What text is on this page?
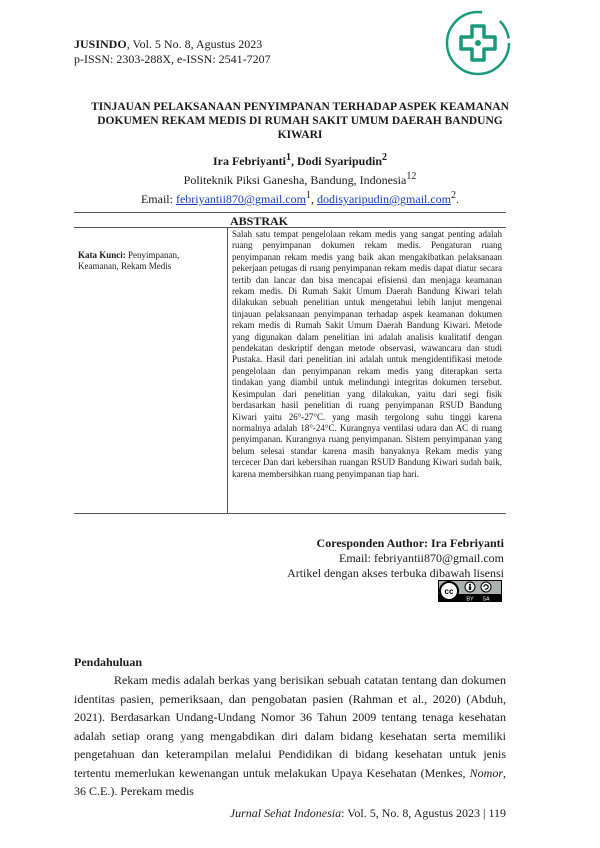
JUSINDO, Vol. 5 No. 8, Agustus 2023
p-ISSN: 2303-288X, e-ISSN: 2541-7207
TINJAUAN PELAKSANAAN PENYIMPANAN TERHADAP ASPEK KEAMANAN
DOKUMEN REKAM MEDIS DI RUMAH SAKIT UMUM DAERAH BANDUNG
KIWARI
Ira Febriyanti$^1$, Dodi Syaripudin$^2$
Politeknik Piksi Ganesha, Bandung, Indonesia$^{12}$
Email: febriyantii870@gmail.com$^1$, dodisyaripudin@gmail.com$^2$.
ABSTRAK
Kata Kunci: Penyimpanan, Keamanan, Rekam Medis
Salah satu tempat pengelolaan rekam medis yang sangat penting adalah ruang penyimpanan dokumen rekam medis. Pengaturan ruang penyimpanan rekam medis yang baik akan mengakibatkan pelaksanaan pekerjaan petugas di ruang penyimpanan rekam medis dapat diatur secara tertib dan lancar dan bisa mencapai efisiensi dan menjaga keamanan rekam medis. Di Rumah Sakit Umum Daerah Bandung Kiwari telah dilakukan sebuah penelitian untuk mengetahui lebih lanjut mengenai tinjauan pelaksanaan penyimpanan terhadap aspek keamanan dokumen rekam medis di Rumah Sakit Umum Daerah Bandung Kiwari. Metode yang digunakan dalam penelitian ini adalah analisis kualitatif dengan pendekatan deskriptif dengan metode observasi, wawancara dan studi Pustaka. Hasil dari penelitian ini adalah untuk mengidentifikasi metode pengelolaan dan penyimpanan rekam medis yang diterapkan serta tindakan yang diambil untuk melindungi integritas dokumen tersebut. Kesimpulan dari penelitian yang dilakukan, yaitu dari segi fisik berdasarkan hasil penelitian di ruang penyimpanan RSUD Bandung Kiwari yaitu 26°-27°C. yang masih tergolong suhu tinggi karena normalnya adalah 18°-24°C. Kurangnya ventilasi udara dan AC di ruang penyimpanan. Kurangnya ruang penyimpanan. Sistem penyimpanan yang belum selesai standar karena masih banyaknya Rekam medis yang tercecer Dan dari kebersihan ruangan RSUD Bandung Kiwari sudah baik, karena membersihkan ruang penyimpanan tiap hari.
Coresponden Author: Ira Febriyanti
Email: febriyantii870@gmail.com
Artikel dengan akses terbuka dibawah lisensi
cc
BY SA
Pendahuluan

Rekam medis adalah berkas yang berisikan sebuah catatan tentang dan dokumen identitas pasien, pemeriksaan, dan pengobatan pasien (Rahman et al., 2020) (Abduh, 2021). Berdasarkan Undang-Undang Nomor 36 Tahun 2009 tentang tenaga kesehatan adalah setiap orang yang mengabdikan diri dalam bidang kesehatan serta memiliki pengetahuan dan keterampilan melalui Pendidikan di bidang kesehatan untuk jenis tertentu memerlukan kewenangan untuk melakukan Upaya Kesehatan (Menkes, Nomor, 36 C.E.). Perekam medis

Jurnal Sehat Indonesia: Vol. 5, No. 8, Agustus 2023 | 119
